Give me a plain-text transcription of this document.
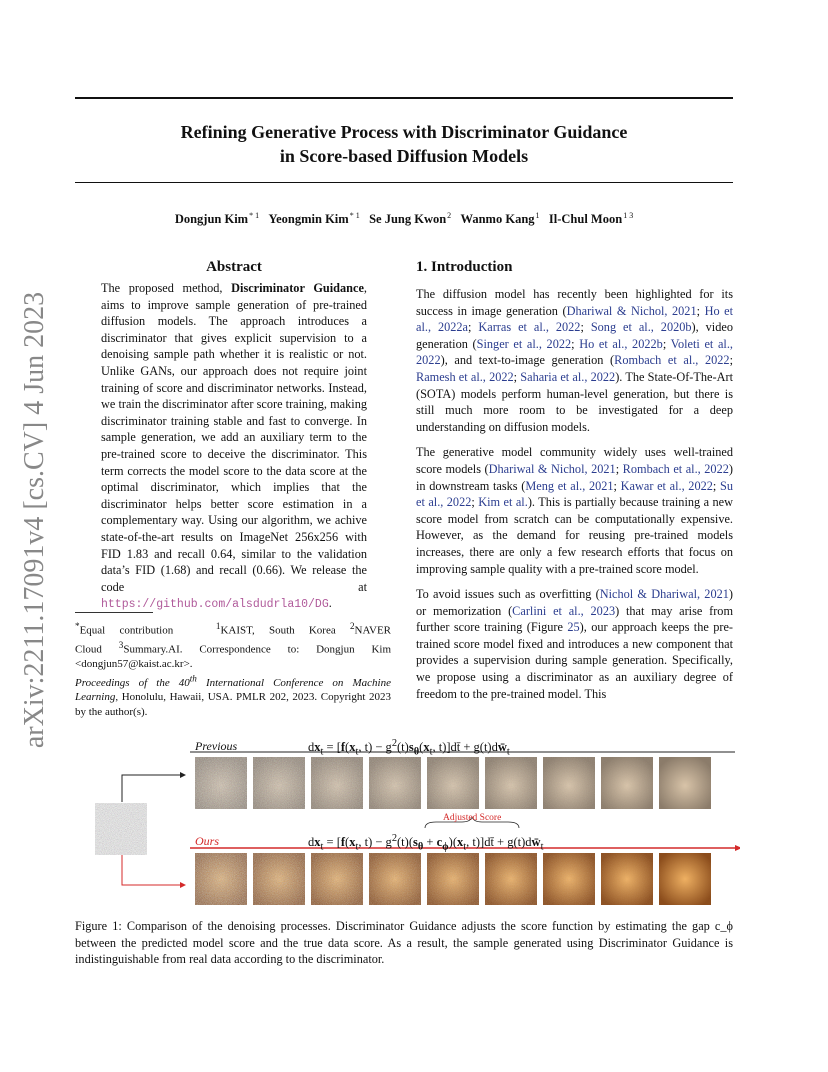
Refining Generative Process with Discriminator Guidance
in Score-based Diffusion Models
Dongjun Kim$^{* 1}$ Yeongmin Kim$^{* 1}$ Se Jung Kwon$^2$ Wanmo Kang$^1$ Il-Chul Moon$^{1 3}$
arXiv:2211.17091v4 [cs.CV] 4 Jun 2023
Abstract
The proposed method, Discriminator Guidance, aims to improve sample generation of pre-trained diffusion models. The approach introduces a discriminator that gives explicit supervision to a denoising sample path whether it is realistic or not. Unlike GANs, our approach does not require joint training of score and discriminator networks. Instead, we train the discriminator after score training, making discriminator training stable and fast to converge. In sample generation, we add an auxiliary term to the pre-trained score to deceive the discriminator. This term corrects the model score to the data score at the optimal discriminator, which implies that the discriminator helps better score estimation in a complementary way. Using our algorithm, we achive state-of-the-art results on ImageNet 256x256 with FID 1.83 and recall 0.64, similar to the validation data’s FID (1.68) and recall (0.66). We release the code at https://github.com/alsdudrla10/DG.
*Equal contribution	$^1$KAIST, South Korea $^2$NAVER Cloud $^3$Summary.AI. Correspondence to: Dongjun Kim <dongjun57@kaist.ac.kr>.
Proceedings of the 40th International Conference on Machine Learning, Honolulu, Hawaii, USA. PMLR 202, 2023. Copyright 2023 by the author(s).
1. Introduction

The diffusion model has recently been highlighted for its success in image generation (Dhariwal & Nichol, 2021; Ho et al., 2022a; Karras et al., 2022; Song et al., 2020b), video generation (Singer et al., 2022; Ho et al., 2022b; Voleti et al., 2022), and text-to-image generation (Rombach et al., 2022; Ramesh et al., 2022; Saharia et al., 2022). The State-Of-The-Art (SOTA) models perform human-level generation, but there is still much more room to be investigated for a deep understanding on diffusion models.

The generative model community widely uses well-trained score models (Dhariwal & Nichol, 2021; Rombach et al., 2022) in downstream tasks (Meng et al., 2021; Kawar et al., 2022; Su et al., 2022; Kim et al.). This is partially because training a new score model from scratch can be computationally expensive. However, as the demand for reusing pre-trained models increases, there are only a few research efforts that focus on improving sample quality with a pre-trained score model.

To avoid issues such as overfitting (Nichol & Dhariwal, 2021) or memorization (Carlini et al., 2023) that may arise from further score training (Figure 25), our approach keeps the pre-trained score model fixed and introduces a new component that provides a supervision during sample generation. Specifically, we propose using a discriminator as an auxiliary degree of freedom to the pre-trained model. This

Previous
Ours
Adjusted Score
$dx_t = [f(x_t$, $t) - g^2(t)s_\theta(x_t$, t)]dt̄ + $g(t)dw̄_t$
$dx_t = [f(x_t$, $t) - g^2(t)(s_\theta + c_\phi)(x_t$, t)]dt̄ + $g(t)dw̄_t$
Figure 1: Comparison of the denoising processes. Discriminator Guidance adjusts the score function by estimating the gap c_ϕ between the predicted model score and the true data score. As a result, the sample generated using Discriminator Guidance is indistinguishable from real data according to the discriminator.
